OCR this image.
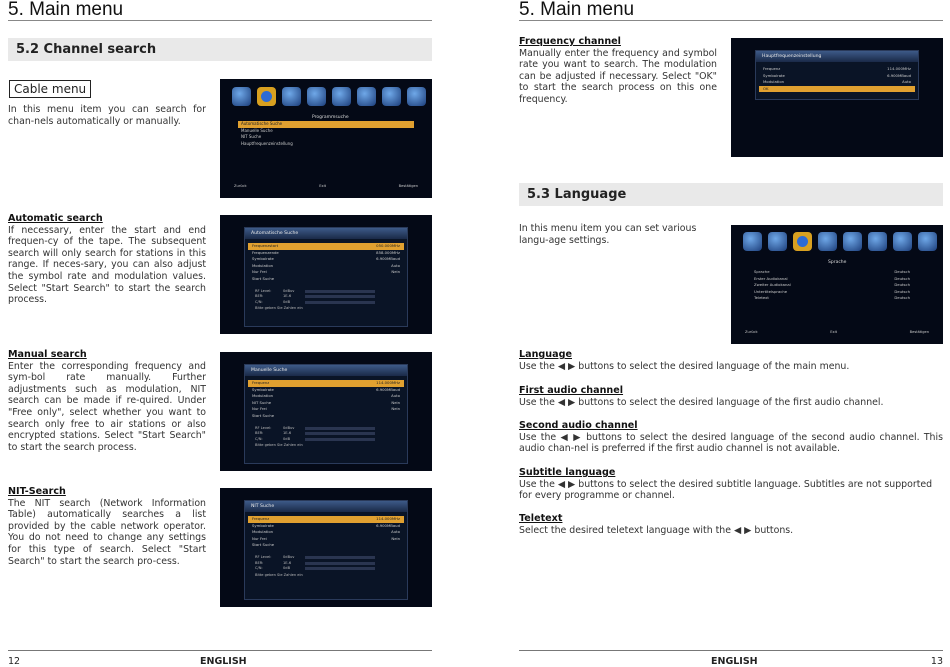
5. Main menu
5.2 Channel search
Cable menu
In this menu item you can search for chan-nels automatically or manually.
Automatic search
If necessary, enter the start and end frequen-cy of the tape. The subsequent search will only search for stations in this range. If neces-sary, you can also adjust the symbol rate and modulation values. Select "Start Search" to start the search process.
Manual search
Enter the corresponding frequency and sym-bol rate manually. Further adjustments such as modulation, NIT search can be made if re-quired. Under "Free only", select whether you want to search only free to air stations or also encrypted stations. Select "Start Search" to start the search process.
NIT-Search
The NIT search (Network Information Table) automatically searches a list provided by the cable network operator. You do not need to change any settings for this type of search. Select "Start Search" to start the search pro-cess.
Programmsuche
Automatische Suche
Manuelle Suche
NIT Suche
Hauptfrequenzeinstellung
Zurück	Exit	Bestätigen
Automatische Suche
Frequenzstart	050.000MHz
Frequenzende	858.000MHz
Symbolrate	6.900MBaud
Modulation	Auto
Nur Frei	Nein
Start Suche
RF Level:	0dBuv
BER:	1E-6
C/N:	0dB
Bitte geben Sie Zahlen ein
Manuelle Suche
Frequenz	114.000MHz
Symbolrate	6.900MBaud
Modulation	Auto
NIT Suche	Nein
Nur Frei	Nein
Start Suche
RF Level:	0dBuv
BER:	1E-6
C/N:	0dB
Bitte geben Sie Zahlen ein
NIT Suche
Frequenz	114.000MHz
Symbolrate	6.900MBaud
Modulation	Auto
Nur Frei	Nein
Start Suche
RF Level:	0dBuv
BER:	1E-6
C/N:	0dB
Bitte geben Sie Zahlen ein
12	ENGLISH
5. Main menu
Frequency channel
Manually enter the frequency and symbol rate you want to search. The modulation can be adjusted if necessary. Select "OK" to start the search process on this one frequency.
Hauptfrequenzeinstellung
Frequenz	114.000MHz
Symbolrate	6.900MBaud
Modulation	Auto
OK
5.3 Language
In this menu item you can set various langu-age settings.
Sprache
Sprache	Deutsch
Erster Audiokanal	Deutsch
Zweiter Audiokanal	Deutsch
Untertitelsprache	Deutsch
Teletext	Deutsch
Zurück	Exit	Bestätigen
Language
Use the ◀ ▶ buttons to select the desired language of the main menu.
First audio channel
Use the ◀ ▶ buttons to select the desired language of the first audio channel.
Second audio channel
Use the ◀ ▶ buttons to select the desired language of the second audio channel. This audio chan-nel is preferred if the first audio channel is not available.
Subtitle language
Use the ◀ ▶ buttons to select the desired subtitle language. Subtitles are not supported for every programme or channel.
Teletext
Select the desired teletext language with the ◀ ▶ buttons.
ENGLISH	13
